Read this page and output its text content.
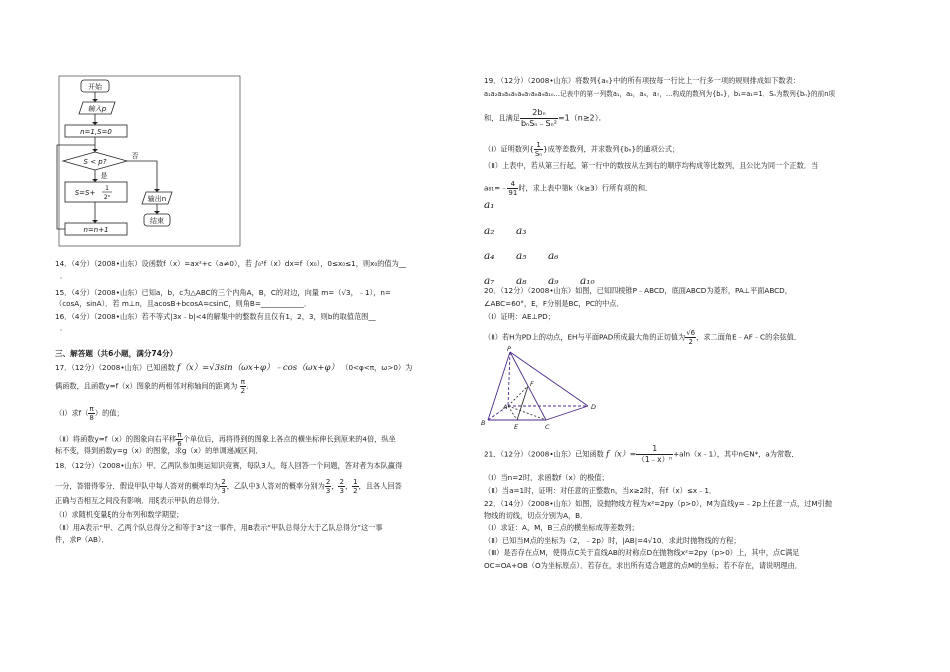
开始
输入p
n=1,S=0
S < p?
否
是
S=S+
1
2ⁿ
n=n+1
输出n
结束
14．（4分）（2008•山东）设函数f（x）=ax²+c（a≠0），若 ∫₀¹f（x）dx=f（x₀），0≤x₀≤1，则x₀的值为__
．
15．（4分）（2008•山东）已知a，b，c为△ABC的三个内角A，B，C的对边，向量 m=（√3，﹣1），n=
（cosA，sinA）．若 m⊥n，且acosB+bcosA=csinC，则角B=____________．
16．（4分）（2008•山东）若不等式|3x﹣b|<4的解集中的整数有且仅有1，2，3，则b的取值范围__
．
三、解答题（共6小题，满分74分）
17．（12分）（2008•山东）已知函数 f（x）=√3sin（ωx+φ）﹣cos（ωx+φ） （0<φ<π，ω>0）为
偶函数，且函数y=f（x）图象的两相邻对称轴间的距离为 $\frac{\pi}{2}$ .
（Ⅰ）求$f( \frac{\pi}{8}$ ）的值；
（Ⅱ）将函数y=f（x）的图象向右平移 $\frac{\pi}{6}$ 个单位后，再将得到的图象上各点的横坐标伸长到原来的4倍，纵坐
标不变，得到函数y=g（x）的图象，求g（x）的单调递减区间．
18．（12分）（2008•山东）甲、乙两队参加奥运知识竞赛，每队3人，每人回答一个问题，答对者为本队赢得
一分，答错得零分．假设甲队中每人答对的概率均为 $\frac{2}{3}$ ，乙队中3人答对的概率分别为 $\frac{2}{3}$ ， $\frac{2}{3}$ ， $\frac{1}{2}$ ，且各人回答
正确与否相互之间没有影响．用ξ表示甲队的总得分．
（Ⅰ）求随机变量ξ的分布列和数学期望；
（Ⅱ）用A表示“甲、乙两个队总得分之和等于3”这一事件，用B表示“甲队总得分大于乙队总得分”这一事
件，求P（AB）．
19．（12分）（2008•山东）将数列{aₙ}中的所有项按每一行比上一行多一项的规则排成如下数表：
a₁a₂a₃a₄a₅a₆a₇a₈a₉a₁₀…记表中的第一列数a₁，a₂，a₄，a₇，…构成的数列为{bₙ}，b₁=a₁=1．Sₙ为数列{bₙ}的前n项
和，且满足 $\frac{\text{2bₙ}}{\text{bₙSₙ﹣Sₙ²}} =1(n\ge 2)$．
（Ⅰ）证明数列{ $\frac{1}{\text{Sₙ}}$ }成等差数列，并求数列{bₙ}的通项公式；
（Ⅱ）上表中，若从第三行起，第一行中的数按从左到右的顺序均构成等比数列，且公比为同一个正数．当
a₈₁=﹣ $\frac{4}{91}$ 时，求上表中第k（k≥3）行所有项的和．
a₁
a₂ a₃
a₄ a₅ a₆
a₇ a₈ a₉ a₁₀
20．（12分）（2008•山东）如图，已知四棱锥P﹣ABCD，底面ABCD为菱形，PA⊥平面ABCD，
∠ABC=60°，E，F分别是BC，PC的中点．
（Ⅰ）证明：AE⊥PD；
（Ⅱ）若H为PD上的动点，EH与平面PAD所成最大角的正切值为 $\frac{√6}{2}$ ，求二面角E﹣AF﹣C的余弦值．
P
A
B	C
D
E
F
21．（12分）（2008•山东）已知函数 $f(x)= \frac{1}{\text{（1﹣x）ⁿ}}$ +aln（x﹣1），其中n∈N*，a为常数．
（Ⅰ）当n=2时，求函数f（x）的极值；
（Ⅱ）当a=1时，证明：对任意的正整数n，当x≥2时，有f（x）≤x﹣1．
22．（14分）（2008•山东）如图，设抛物线方程为x²=2py（p>0），M为直线y=﹣2p上任意一点，过M引抛
物线的切线，切点分别为A，B．
（Ⅰ）求证：A，M，B三点的横坐标成等差数列；
（Ⅱ）已知当M点的坐标为（2，﹣2p）时，|AB|=4√10．求此时抛物线的方程；
（Ⅲ）是否存在点M，使得点C关于直线AB的对称点D在抛物线x²=2py（p>0）上，其中，点C满足
OC=OA+OB（O为坐标原点）．若存在，求出所有适合题意的点M的坐标；若不存在，请说明理由．
